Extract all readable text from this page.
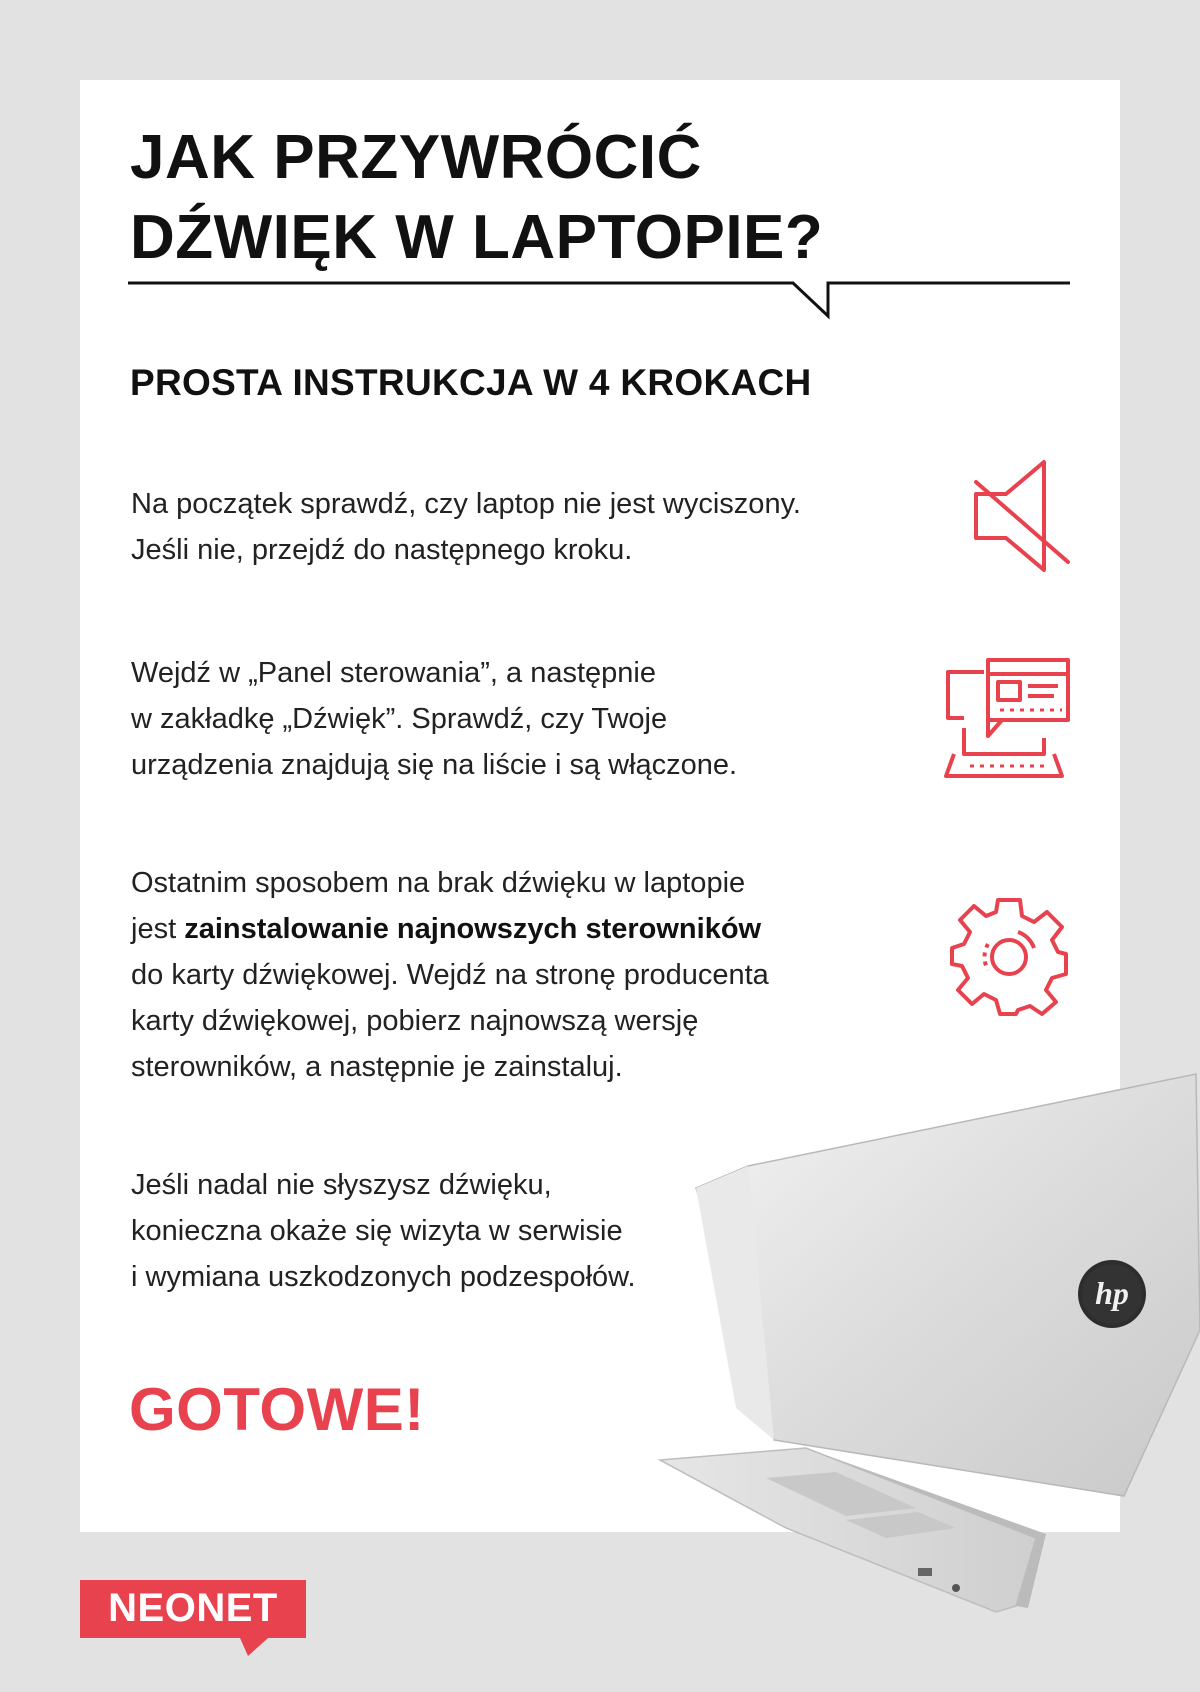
JAK PRZYWRÓCIĆ
DŹWIĘK W LAPTOPIE?
PROSTA INSTRUKCJA W 4 KROKACH

Na początek sprawdź, czy laptop nie jest wyciszony.
Jeśli nie, przejdź do następnego kroku.

Wejdź w „Panel sterowania”, a następnie
w zakładkę „Dźwięk”. Sprawdź, czy Twoje
urządzenia znajdują się na liście i są włączone.

Ostatnim sposobem na brak dźwięku w laptopie
jest zainstalowanie najnowszych sterowników
do karty dźwiękowej. Wejdź na stronę producenta
karty dźwiękowej, pobierz najnowszą wersję
sterowników, a następnie je zainstaluj.

Jeśli nadal nie słyszysz dźwięku,
konieczna okaże się wizyta w serwisie
i wymiana uszkodzonych podzespołów.

GOTOWE!
hp
NEONET
